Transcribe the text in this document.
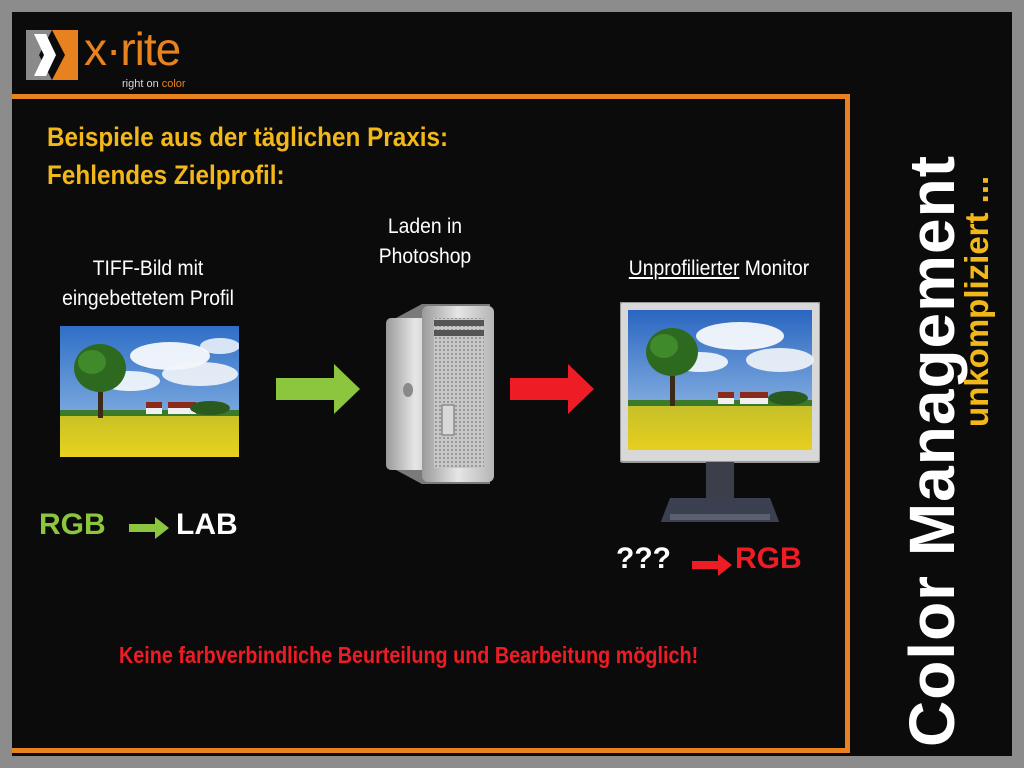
x·rite
right on color
Beispiele aus der täglichen Praxis:
Fehlendes Zielprofil:
TIFF-Bild mit
eingebettetem Profil
Laden in
Photoshop
Unprofilierter Monitor
RGB LAB
??? RGB
Keine farbverbindliche Beurteilung und Bearbeitung möglich!	Color Management
unkompliziert ...
